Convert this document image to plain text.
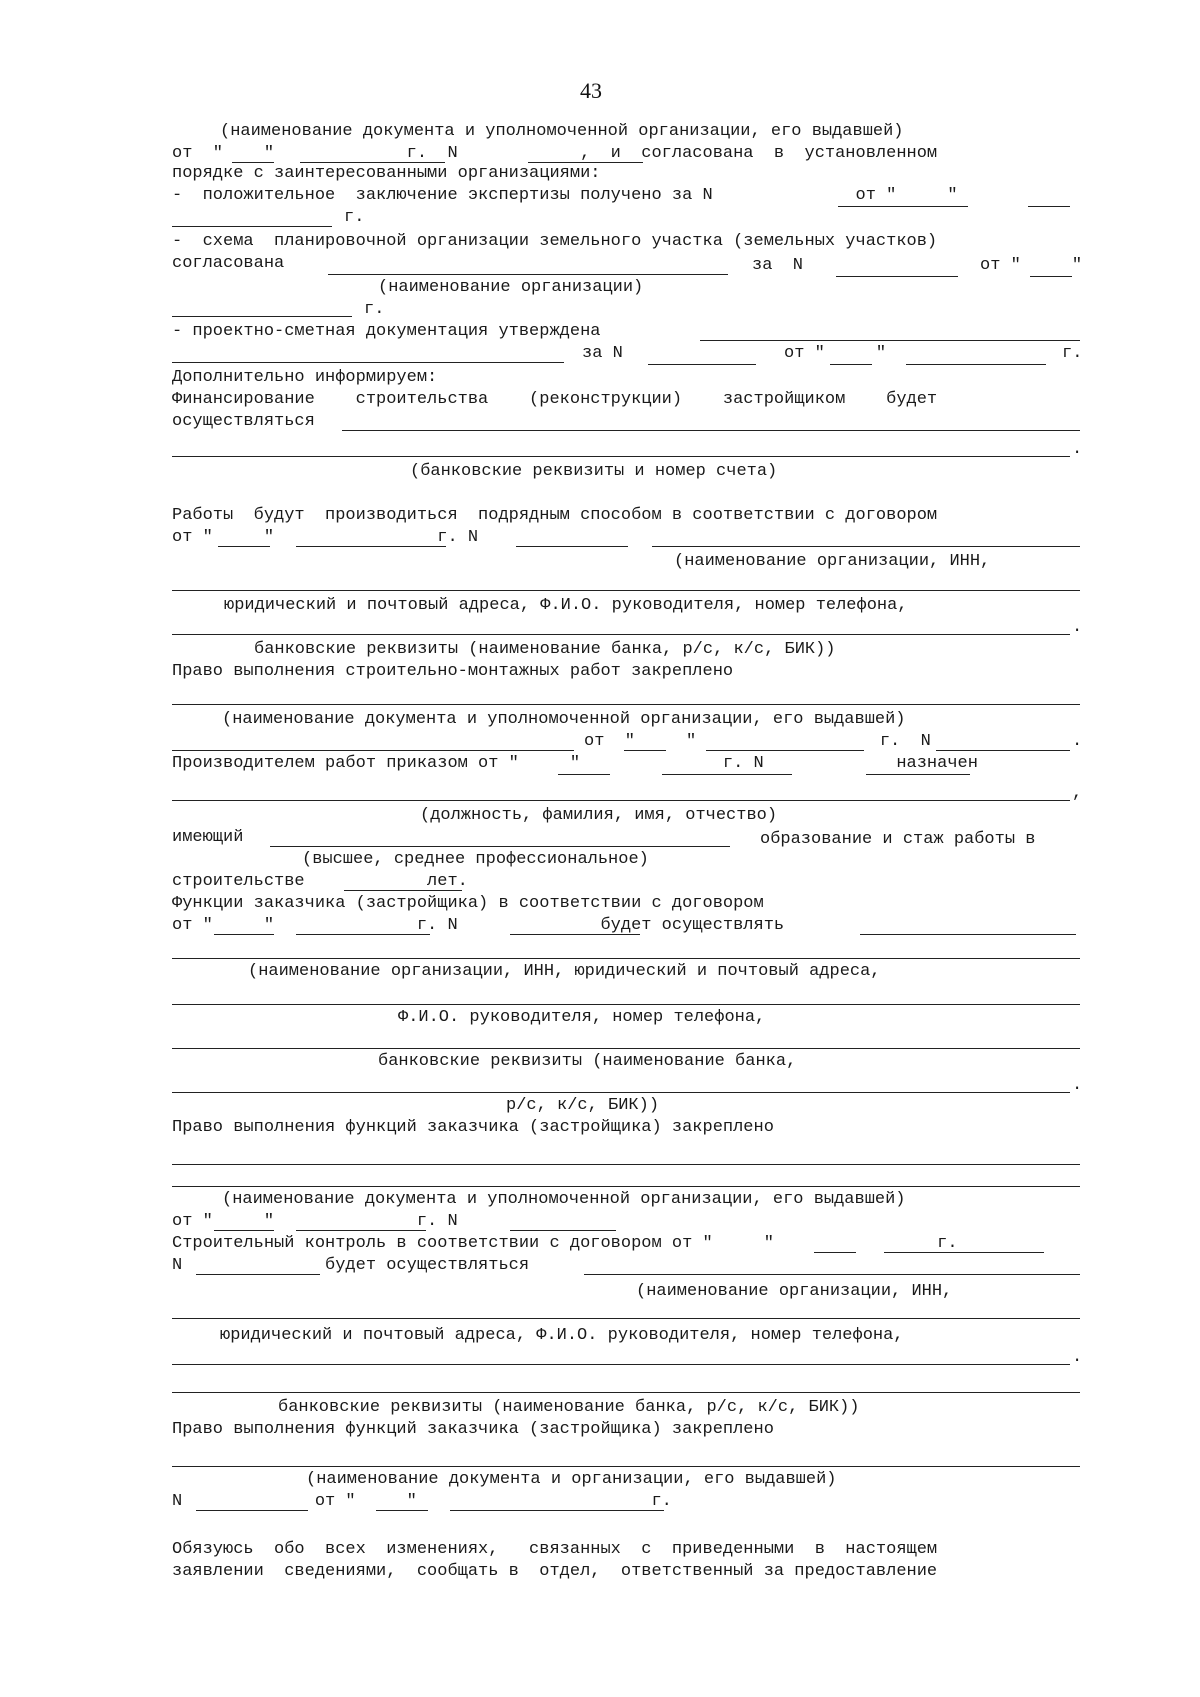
43
(наименование документа и уполномоченной организации, его выдавшей)
от  "    "             г.  N            ,  и  согласована  в  установленном
порядке с заинтересованными организациями:
-  положительное  заключение экспертизы получено за N              от "     "
г.
-  схема  планировочной организации земельного участка (земельных участков)
согласована	за  N	от "     "
(наименование организации)
г.
- проектно-сметная документация утверждена
за N	от "     "	г.
Дополнительно информируем:
Финансирование    строительства    (реконструкции)    застройщиком    будет
осуществляться
.
(банковские реквизиты и номер счета)
Работы  будут  производиться  подрядным способом в соответствии с договором
от "     "                г. N
(наименование организации, ИНН,
юридический и почтовый адреса, Ф.И.О. руководителя, номер телефона,
.
банковские реквизиты (наименование банка, р/с, к/с, БИК))
Право выполнения строительно-монтажных работ закреплено
(наименование документа и уполномоченной организации, его выдавшей)
от  "     "                  г.  N	.
Производителем работ приказом от "     "              г. N             назначен
,
(должность, фамилия, имя, отчество)
имеющий	образование и стаж работы в
(высшее, среднее профессиональное)
строительстве            лет.
Функции заказчика (застройщика) в соответствии с договором
от "     "              г. N              будет осуществлять
(наименование организации, ИНН, юридический и почтовый адреса,
Ф.И.О. руководителя, номер телефона,
банковские реквизиты (наименование банка,
.
р/с, к/с, БИК))
Право выполнения функций заказчика (застройщика) закреплено
(наименование документа и уполномоченной организации, его выдавшей)
от "     "              г. N
Строительный контроль в соответствии с договором от "     "                г.
N              будет осуществляться
(наименование организации, ИНН,
юридический и почтовый адреса, Ф.И.О. руководителя, номер телефона,
.
банковские реквизиты (наименование банка, р/с, к/с, БИК))
Право выполнения функций заказчика (застройщика) закреплено
(наименование документа и организации, его выдавшей)
N             от "     "                       г.
Обязуюсь  обо  всех  изменениях,   связанных  с  приведенными  в  настоящем
заявлении  сведениями,  сообщать в  отдел,  ответственный за предоставление
